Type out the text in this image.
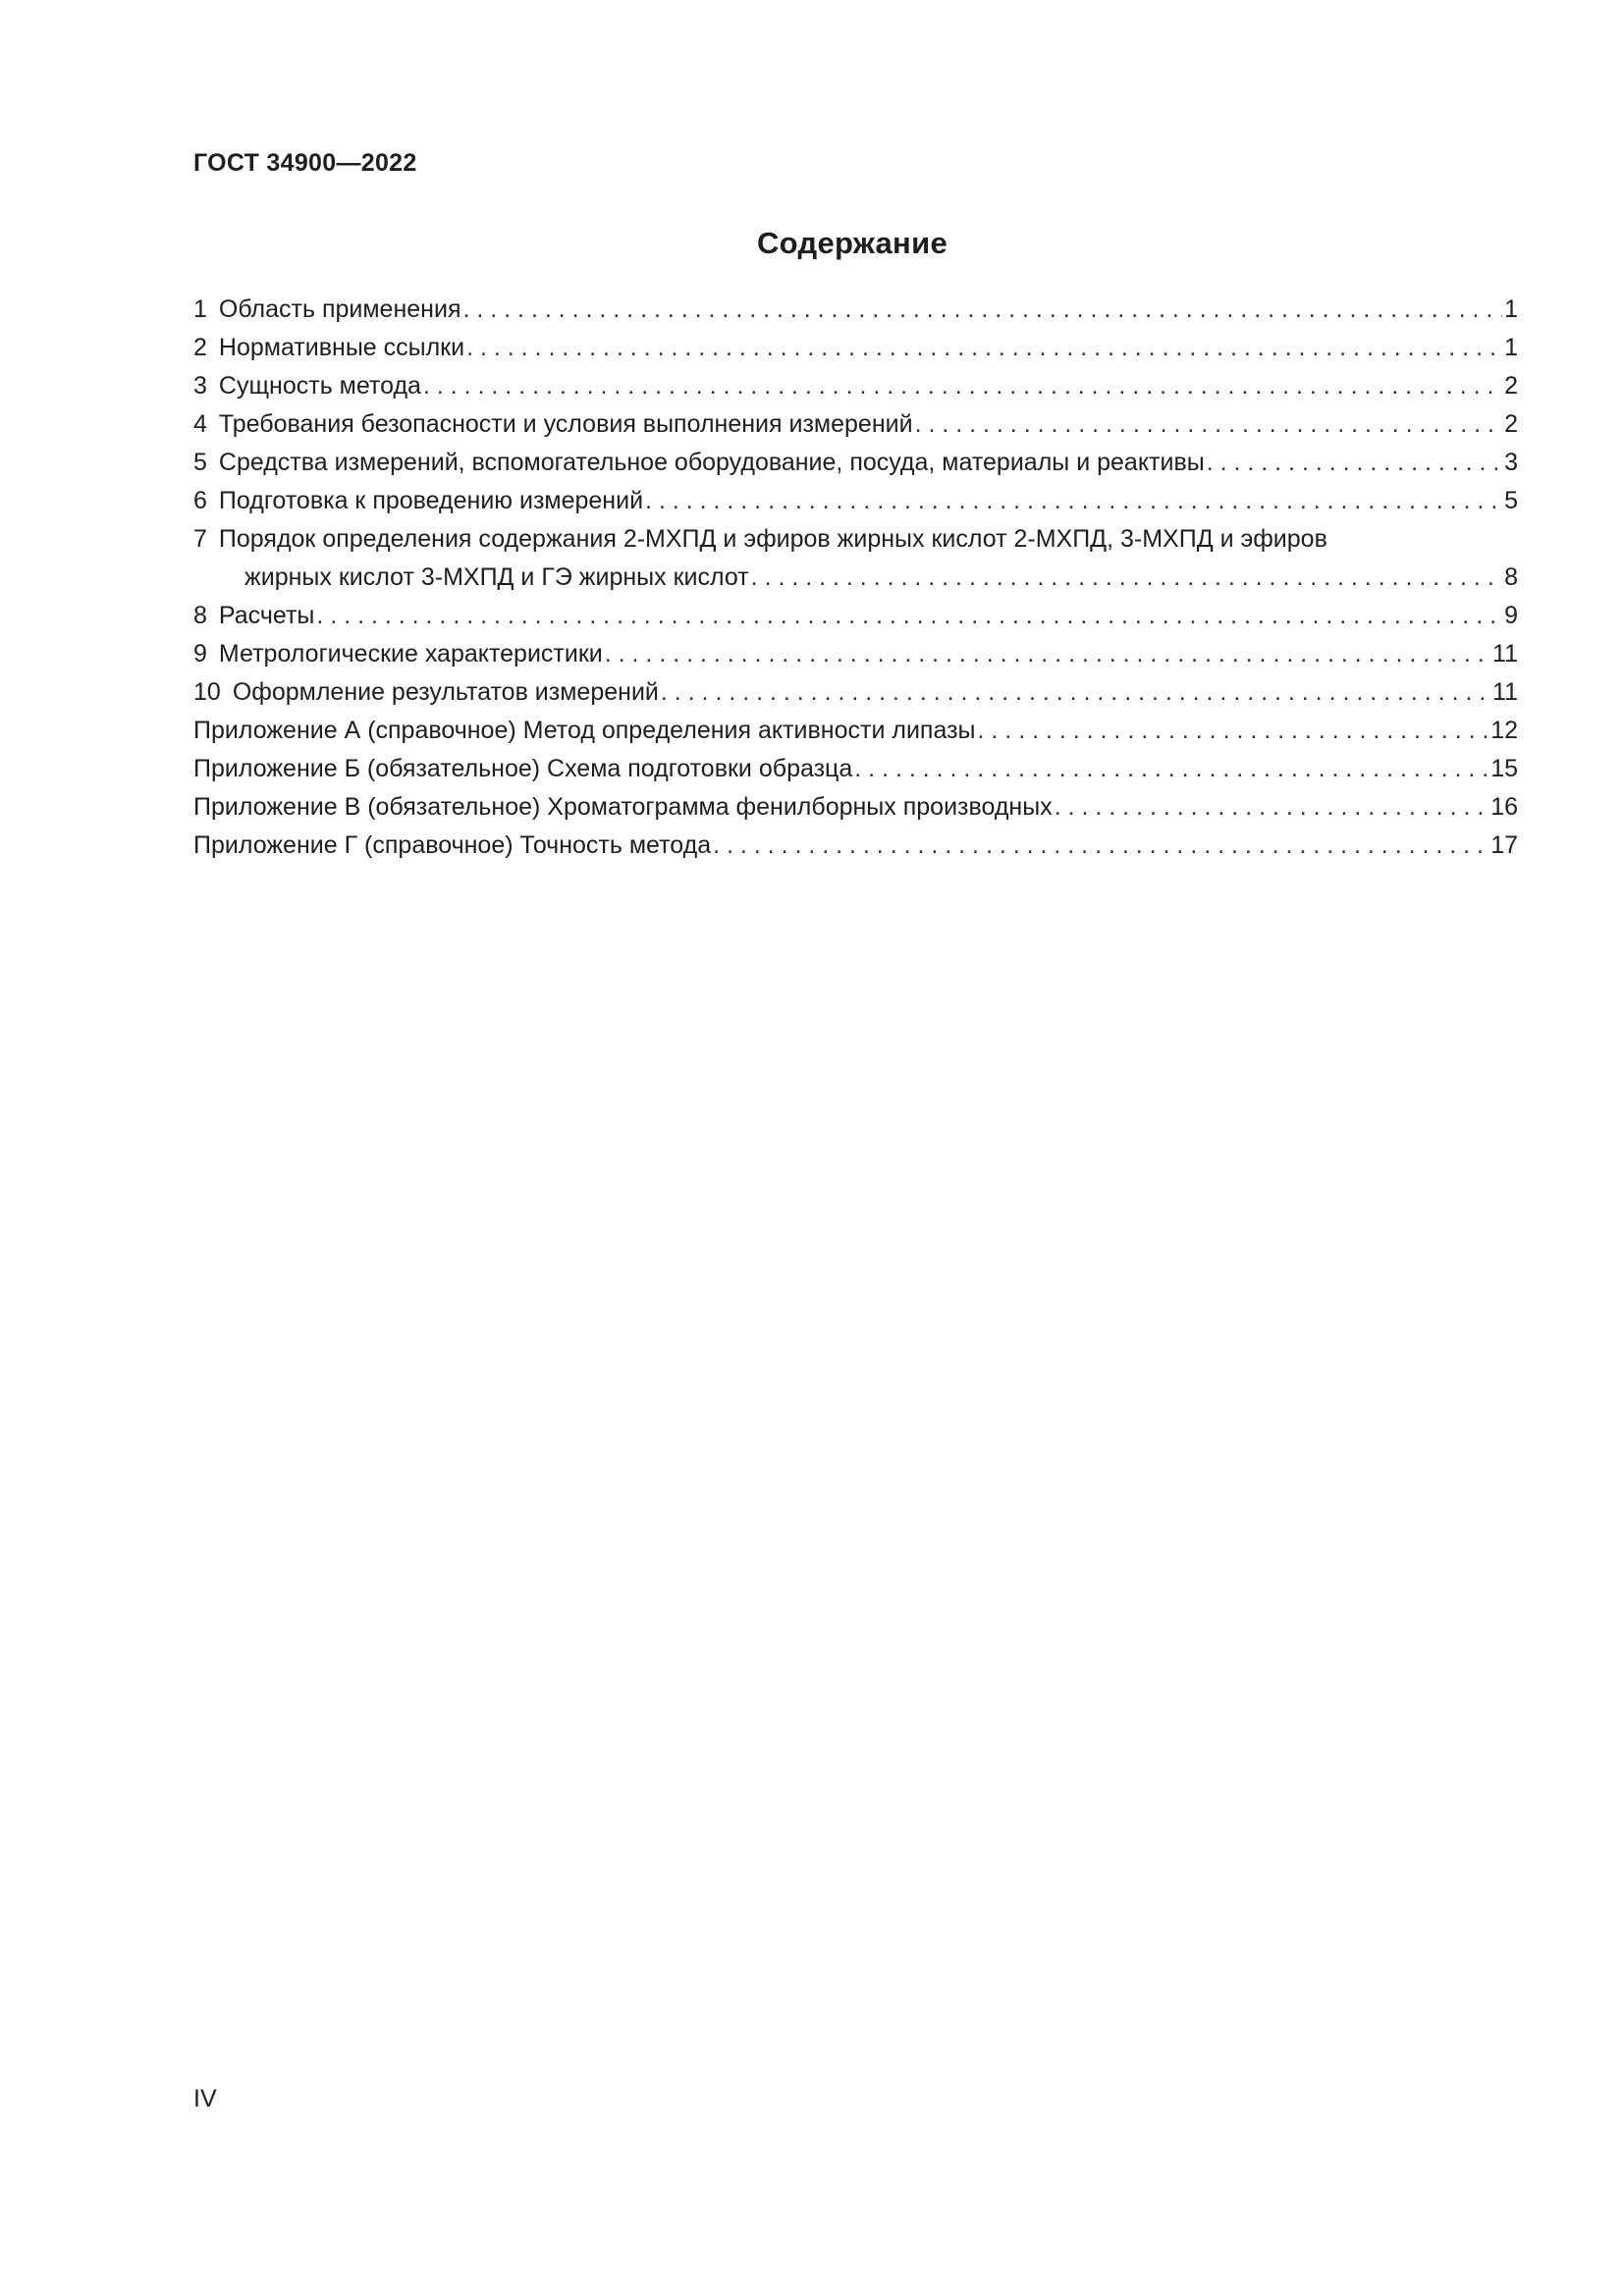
ГОСТ 34900—2022
Содержание
1 Область применения . . .	1
2 Нормативные ссылки . . .	1
3 Сущность метода . . .	2
4 Требования безопасности и условия выполнения измерений . . .	2
5 Средства измерений, вспомогательное оборудование, посуда, материалы и реактивы . . .	3
6 Подготовка к проведению измерений . . .	5
7 Порядок определения содержания 2-МХПД и эфиров жирных кислот 2-МХПД, 3-МХПД и эфиров
жирных кислот 3-МХПД и ГЭ жирных кислот . . .	8
8 Расчеты . . .	9
9 Метрологические характеристики . . .	11
10 Оформление результатов измерений . . .	11
Приложение А (справочное) Метод определения активности липазы . . .	12
Приложение Б (обязательное) Схема подготовки образца . . .	15
Приложение В (обязательное) Хроматограмма фенилборных производных . . .	16
Приложение Г (справочное) Точность метода . . .	17
IV
